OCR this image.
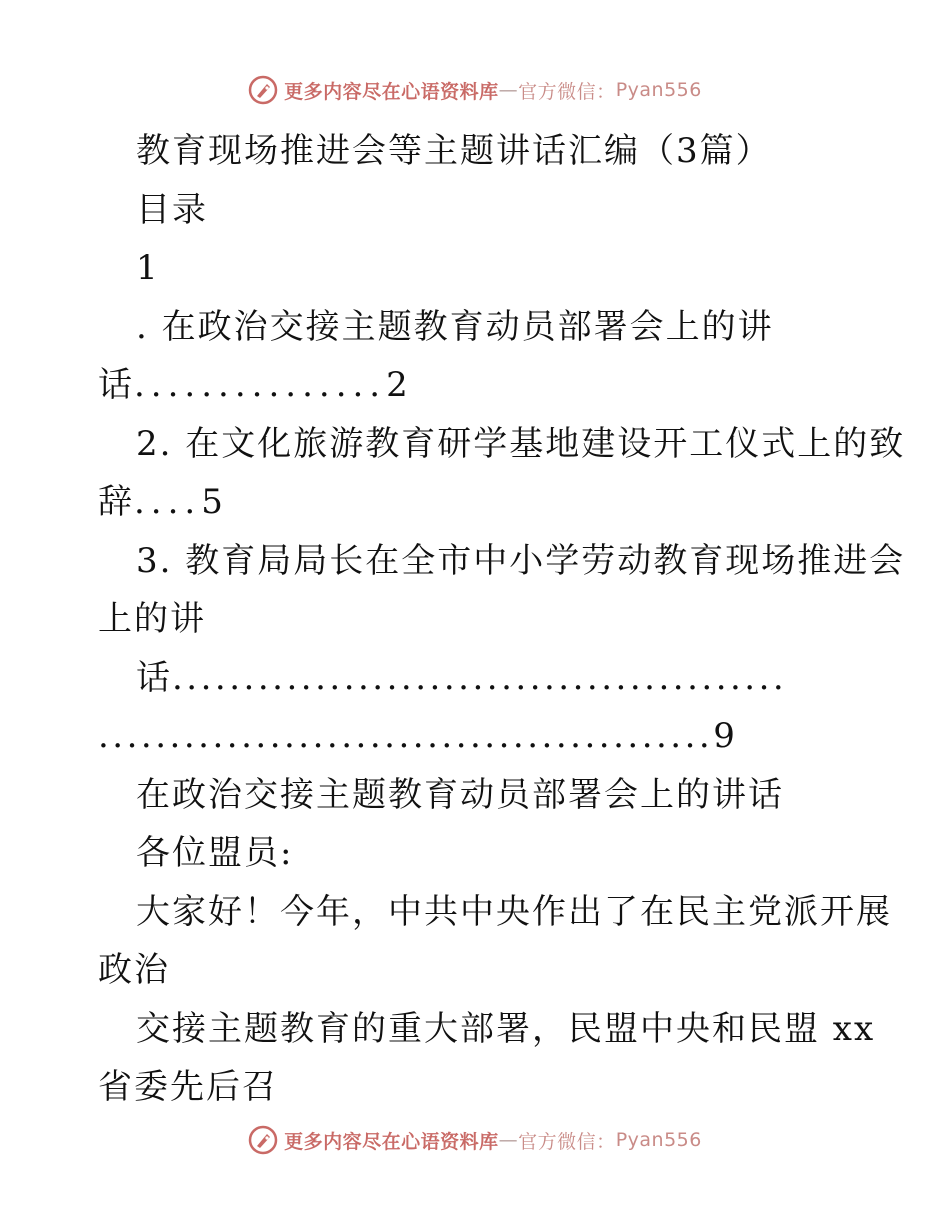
更多内容尽在心语资料库 — 官方微信： Pyan556
教育现场推进会等主题讲话汇编（3篇）
目录
1
. 在政治交接主题教育动员部署会上的讲
话...............2
2. 在文化旅游教育研学基地建设开工仪式上的致
辞....5
3. 教育局局长在全市中小学劳动教育现场推进会
上的讲
话...........................................
...........................................9
在政治交接主题教育动员部署会上的讲话
各位盟员:
大家好！今年，中共中央作出了在民主党派开展
政治
交接主题教育的重大部署，民盟中央和民盟 xx
省委先后召
更多内容尽在心语资料库 — 官方微信： Pyan556
